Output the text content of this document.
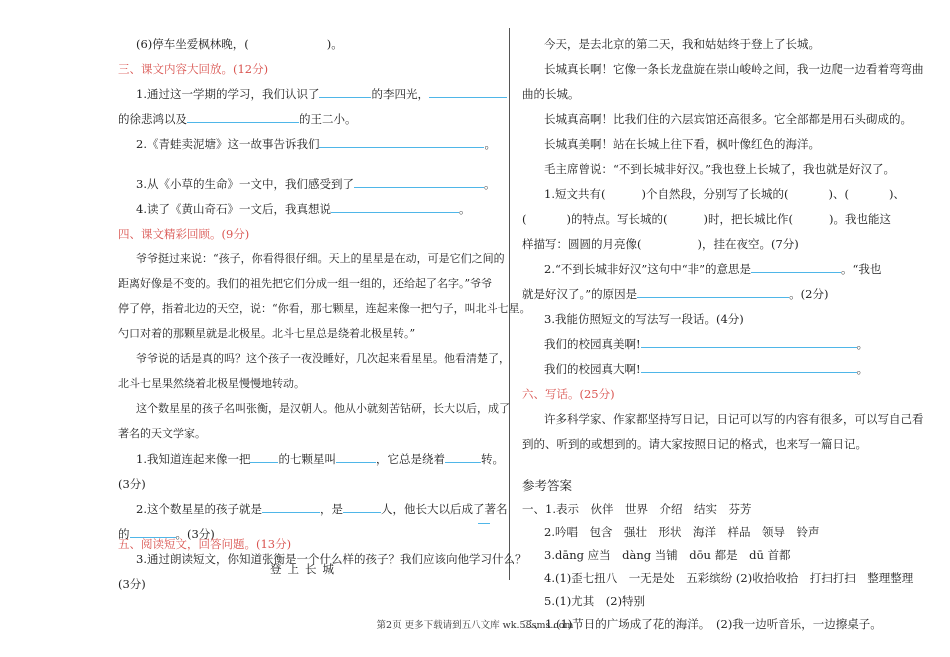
(6)停车坐爱枫林晚，(	)。
三、课文内容大回放。(12分)
1.通过这一学期的学习，我们认识了	的李四光，
的徐悲鸿以及	的王二小。
2.《青蛙卖泥塘》这一故事告诉我们	。
3.从《小草的生命》一文中，我们感受到了	。
4.读了《黄山奇石》一文后，我真想说	。
四、课文精彩回顾。(9分)
爷爷挺过来说：“孩子，你看得很仔细。天上的星星是在动，可是它们之间的
距离好像是不变的。我们的祖先把它们分成一组一组的，还给起了名字。”爷爷
停了停，指着北边的天空，说：“你看，那七颗星，连起来像一把勺子，叫北斗七星。
勺口对着的那颗星就是北极星。北斗七星总是绕着北极星转。”
爷爷说的话是真的吗？这个孩子一夜没睡好，几次起来看星星。他看清楚了，
北斗七星果然绕着北极星慢慢地转动。
这个数星星的孩子名叫张衡，是汉朝人。他从小就刻苦钻研，长大以后，成了
著名的天文学家。
1.我知道连起来像一把 的七颗星叫	，它总是绕着	转。
(3分)
2.这个数星星的孩子就是	，是	人，他长大以后成了著名
的	。(3分)
3.通过朗读短文，你知道张衡是一个什么样的孩子？我们应该向他学习什么？
(3分)
五、阅读短文，回答问题。(13分)
登上长城
今天，是去北京的第二天，我和姑姑终于登上了长城。
长城真长啊！它像一条长龙盘旋在崇山峻岭之间，我一边爬一边看着弯弯曲
曲的长城。
长城真高啊！比我们住的六层宾馆还高很多。它全部都是用石头砌成的。
长城真美啊！站在长城上往下看，枫叶像红色的海洋。
毛主席曾说：“不到长城非好汉。”我也登上长城了，我也就是好汉了。
1.短文共有(	)个自然段，分别写了长城的(	)、(	)、
(	)的特点。写长城的(	)时，把长城比作(	)。我也能这
样描写：圆圆的月亮像(	)，挂在夜空。(7分)
2.“不到长城非好汉”这句中“非”的意思是	。“我也
就是好汉了。”的原因是	。(2分)
3.我能仿照短文的写法写一段话。(4分)
我们的校园真美啊!	。
我们的校园真大啊!	。
六、写话。(25分)
许多科学家、作家都坚持写日记，日记可以写的内容有很多，可以写自己看
到的、听到的或想到的。请大家按照日记的格式，也来写一篇日记。
参考答案
一、1.表示　伙伴　世界　介绍　结实　芬芳
2.吟唱　包含　强壮　形状　海洋　样品　领导　铃声
3.dāng 应当　dàng 当铺　dōu 都是　dū 首都
4.(1)歪七扭八　一无是处　五彩缤纷 (2)收拾收拾　打扫打扫　整理整理
5.(1)尤其　(2)特别
二、1.(1)节日的广场成了花的海洋。　(2)我一边听音乐，一边擦桌子。
第2页 更多下载请到五八文库 wk.58sms.com
